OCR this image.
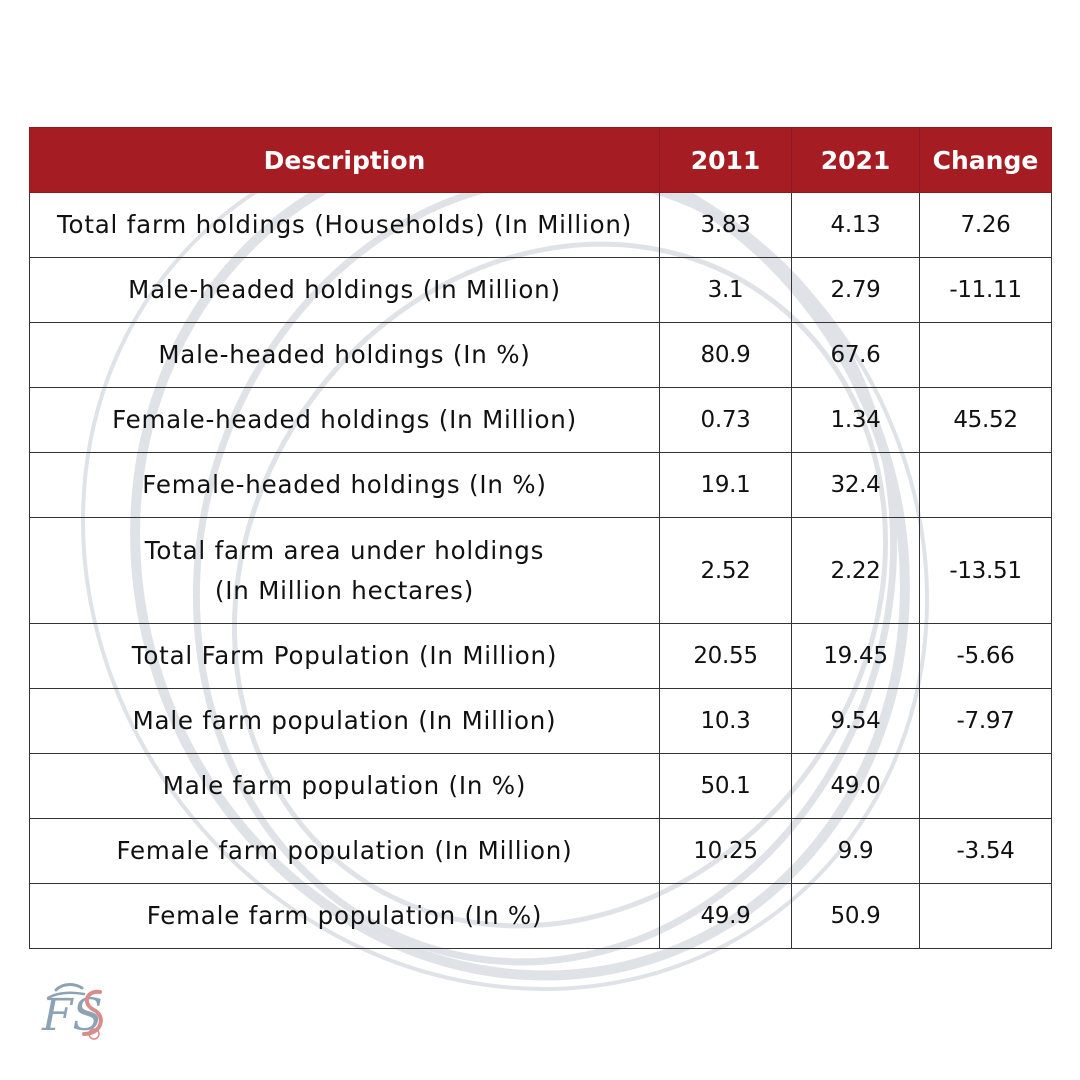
Description	2011	2021	Change
Total farm holdings (Households) (In Million)	3.83	4.13	7.26
Male-headed holdings (In Million)	3.1	2.79	-11.11
Male-headed holdings (In %)	80.9	67.6	
Female-headed holdings (In Million)	0.73	1.34	45.52
Female-headed holdings (In %)	19.1	32.4	

Total farm area under holdings
(In Million hectares)	2.52	2.22	-13.51
Total Farm Population (In Million)	20.55	19.45	-5.66
Male farm population (In Million)	10.3	9.54	-7.97
Male farm population (In %)	50.1	49.0	
Female farm population (In Million)	10.25	9.9	-3.54
Female farm population (In %)	49.9	50.9	
FS
